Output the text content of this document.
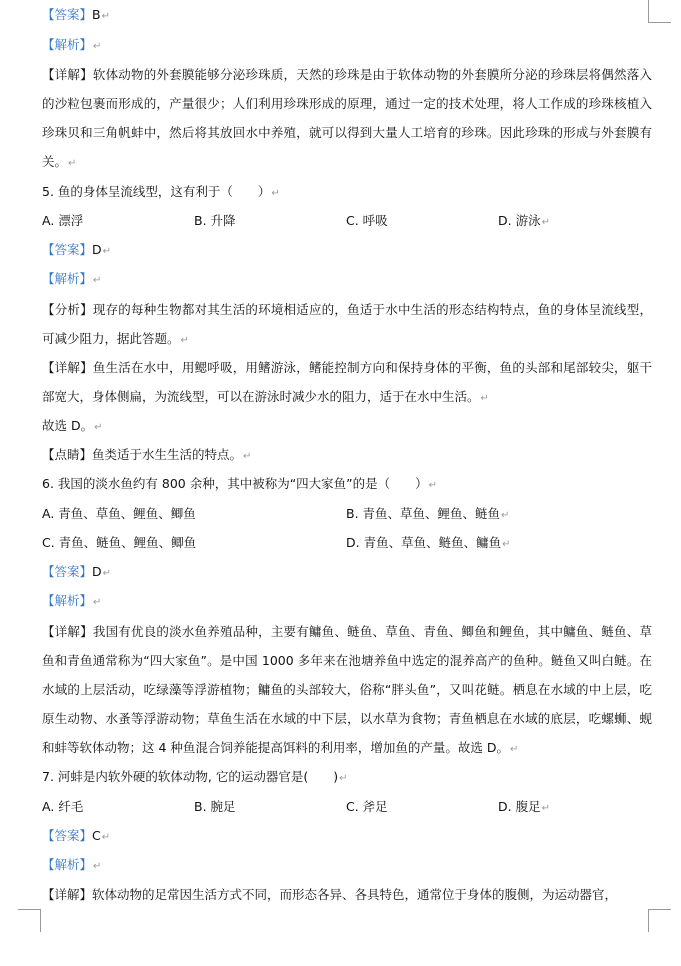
【答案】B↵
【解析】↵
【详解】软体动物的外套膜能够分泌珍珠质，天然的珍珠是由于软体动物的外套膜所分泌的珍珠层将偶然落入的沙粒包裹而形成的，产量很少；人们利用珍珠形成的原理，通过一定的技术处理，将人工作成的珍珠核植入珍珠贝和三角帆蚌中，然后将其放回水中养殖，就可以得到大量人工培育的珍珠。因此珍珠的形成与外套膜有关。↵
5. 鱼的身体呈流线型，这有利于（　　）↵
A. 漂浮	B. 升降	C. 呼吸	D. 游泳↵
【答案】D↵
【解析】↵
【分析】现存的每种生物都对其生活的环境相适应的，鱼适于水中生活的形态结构特点，鱼的身体呈流线型，可减少阻力，据此答题。↵
【详解】鱼生活在水中，用鳃呼吸，用鳍游泳，鳍能控制方向和保持身体的平衡，鱼的头部和尾部较尖，躯干部宽大，身体侧扁，为流线型，可以在游泳时减少水的阻力，适于在水中生活。↵
故选 D。↵
【点睛】鱼类适于水生生活的特点。↵
6. 我国的淡水鱼约有 800 余种，其中被称为“四大家鱼”的是（　　）↵
A. 青鱼、草鱼、鲤鱼、鲫鱼	B. 青鱼、草鱼、鲤鱼、鲢鱼↵
C. 青鱼、鲢鱼、鲤鱼、鲫鱼	D. 青鱼、草鱼、鲢鱼、鳙鱼↵
【答案】D↵
【解析】↵
【详解】我国有优良的淡水鱼养殖品种，主要有鳙鱼、鲢鱼、草鱼、青鱼、鲫鱼和鲤鱼，其中鳙鱼、鲢鱼、草鱼和青鱼通常称为“四大家鱼”。是中国 1000 多年来在池塘养鱼中选定的混养高产的鱼种。鲢鱼又叫白鲢。在水域的上层活动，吃绿藻等浮游植物；鳙鱼的头部较大，俗称“胖头鱼”，又叫花鲢。栖息在水域的中上层，吃原生动物、水蚤等浮游动物；草鱼生活在水域的中下层，以水草为食物；青鱼栖息在水域的底层，吃螺蛳、蚬和蚌等软体动物；这 4 种鱼混合饲养能提高饵料的利用率，增加鱼的产量。故选 D。↵
7. 河蚌是内软外硬的软体动物, 它的运动器官是(　　)↵
A. 纤毛	B. 腕足	C. 斧足	D. 腹足↵
【答案】C↵
【解析】↵
【详解】软体动物的足常因生活方式不同，而形态各异、各具特色，通常位于身体的腹侧，为运动器官，
